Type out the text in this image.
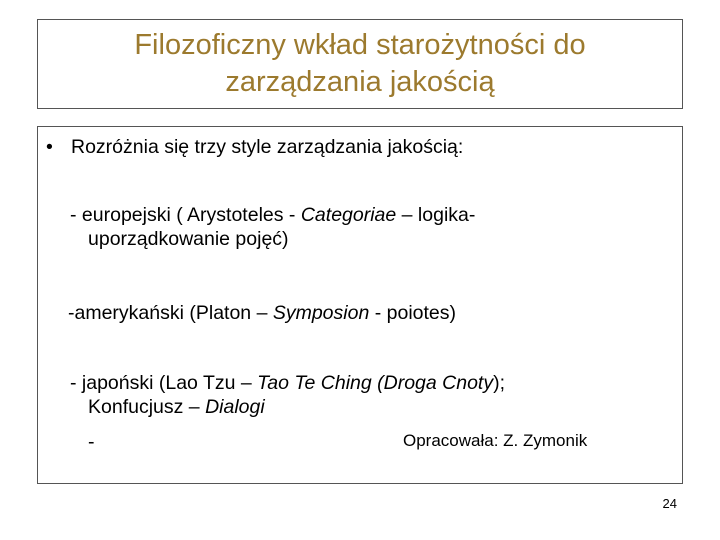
Filozoficzny wkład starożytności do
zarządzania jakością
• Rozróżnia się trzy style zarządzania jakością:
- europejski ( Arystoteles - Categoriae – logika-
uporządkowanie pojęć)
-amerykański (Platon – Symposion - poiotes)
- japoński (Lao Tzu – Tao Te Ching (Droga Cnoty);
Konfucjusz – Dialogi
-	Opracowała: Z. Zymonik
24
